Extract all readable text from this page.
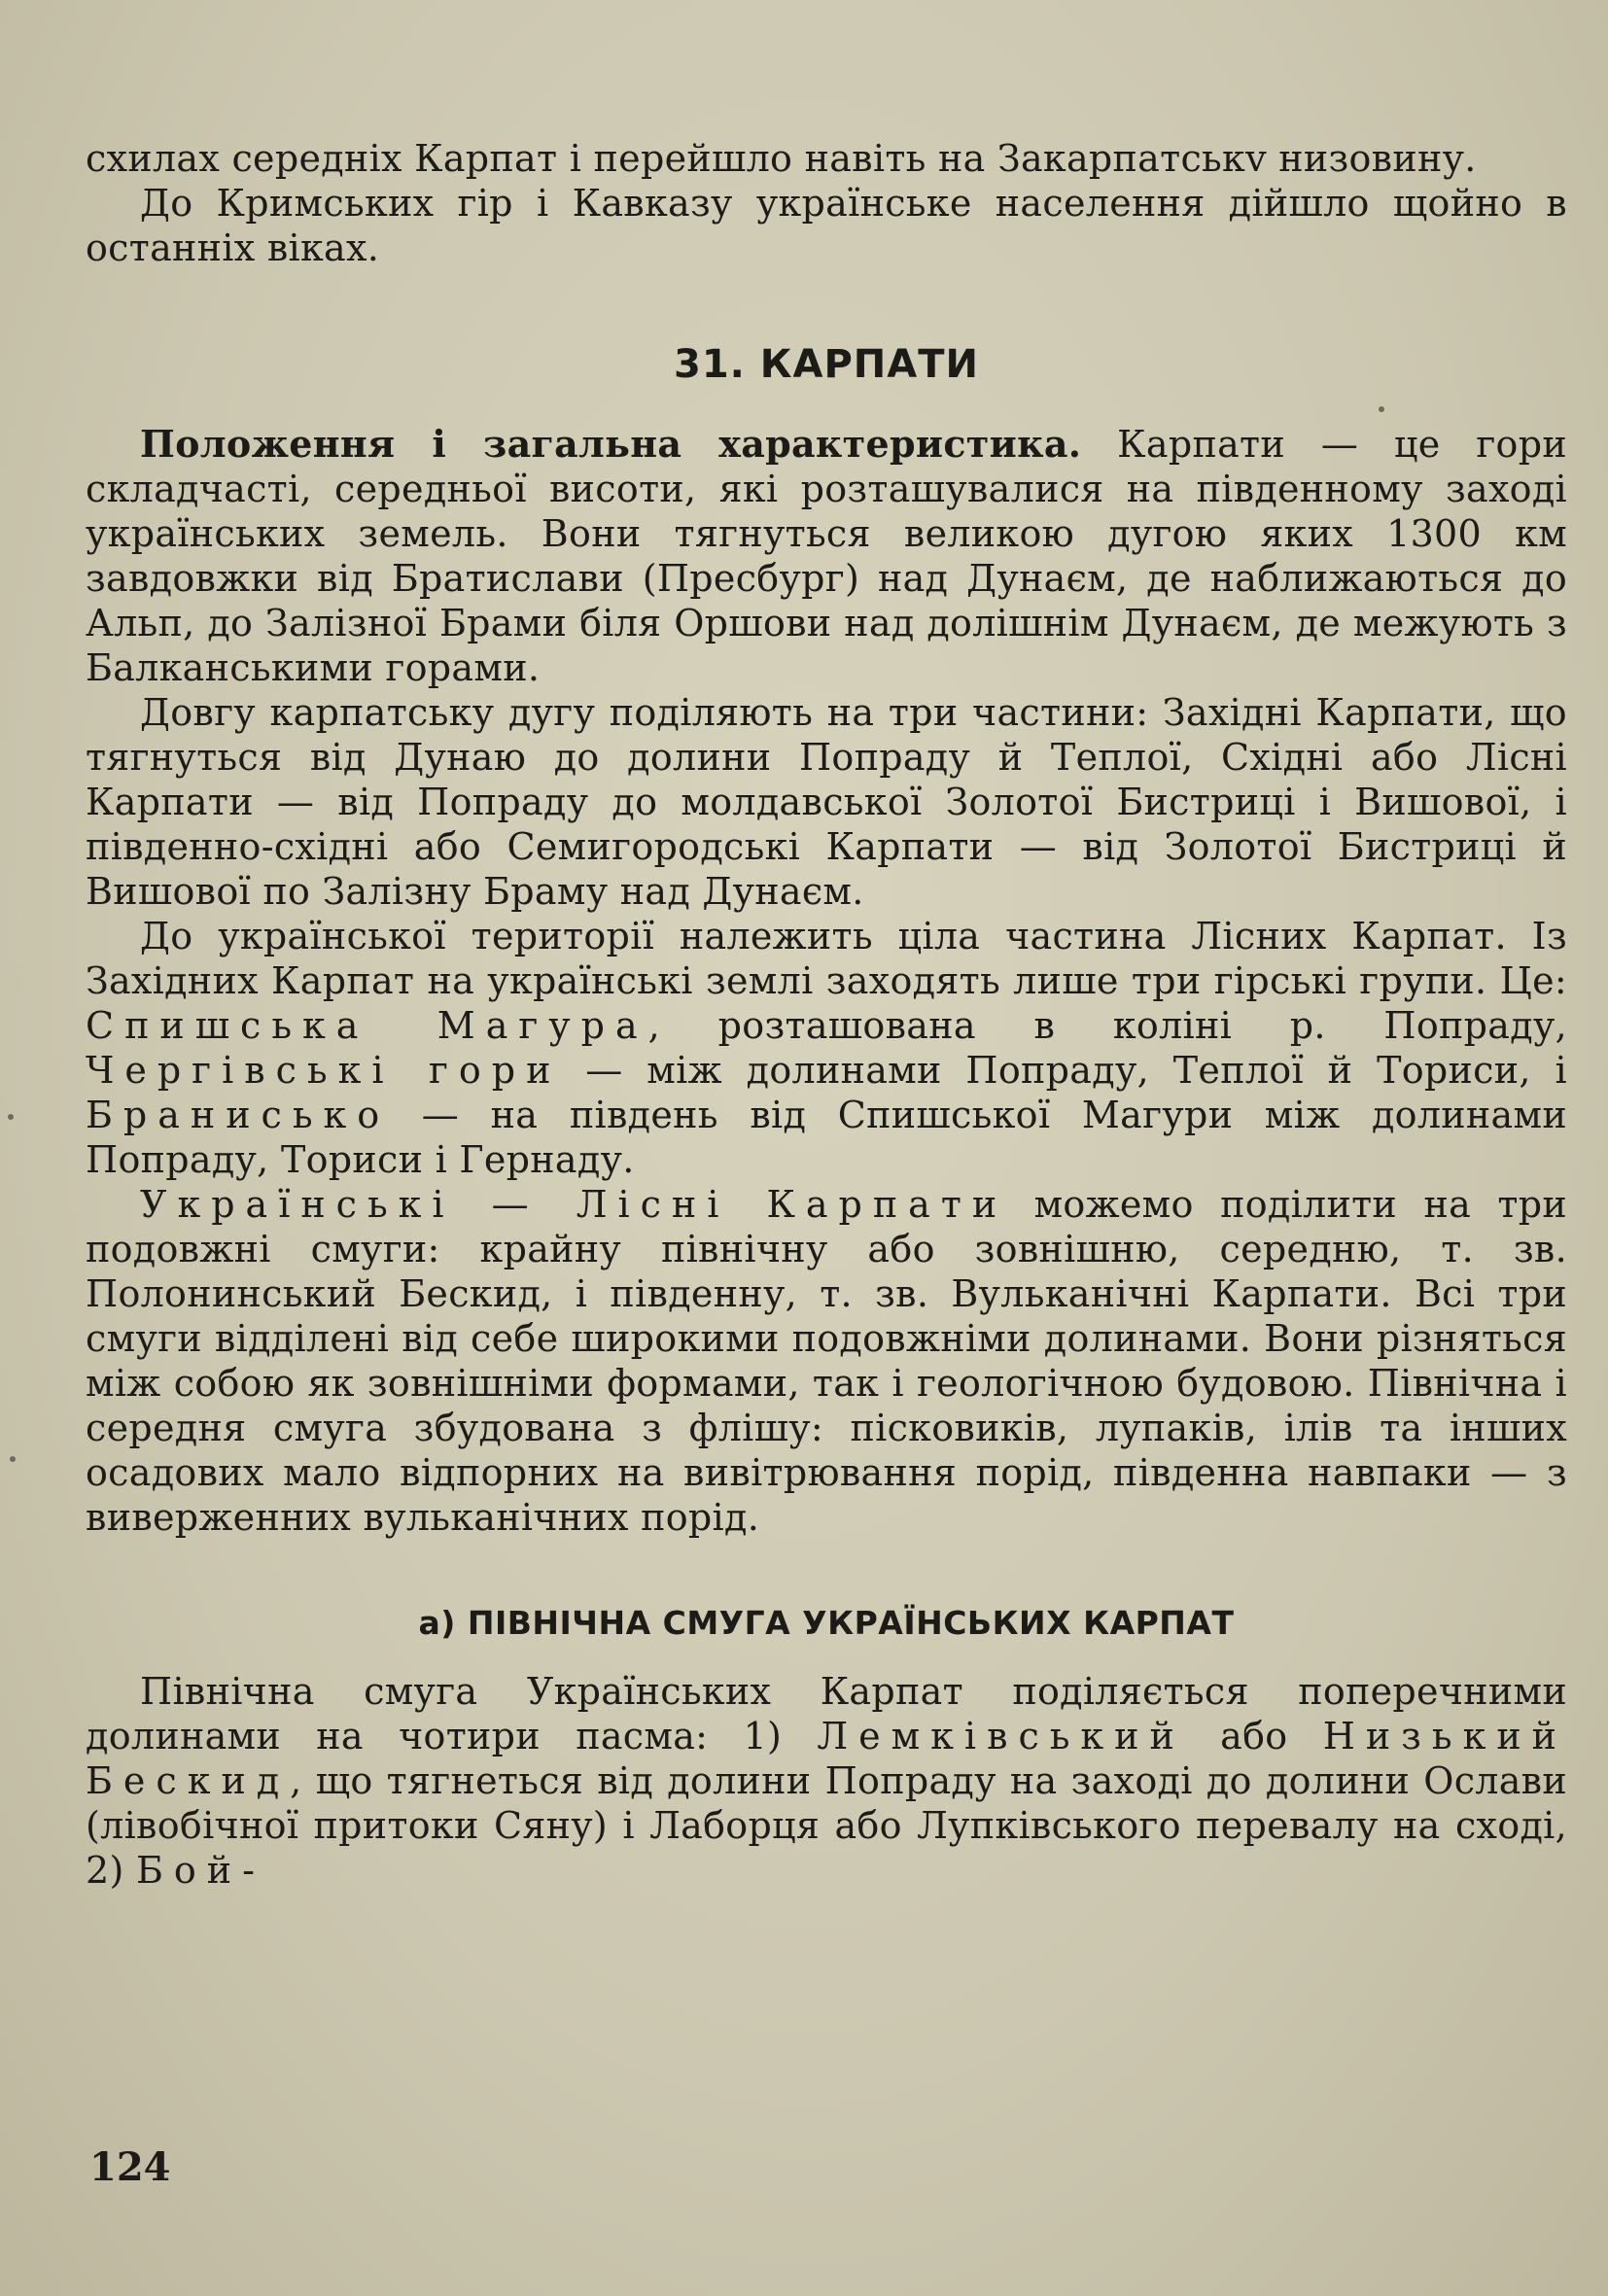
схилах середніх Карпат і перейшло навіть на Закарпатськv низовину.

До Кримських гір і Кавказу українське населення дійшло щойно в останніх віках.

31. КАРПАТИ

Положення і загальна характеристика. Карпати — це гори складчасті, середньої висоти, які розташувалися на південному заході українських земель. Вони тягнуться великою дугою яких 1300 км завдовжки від Братислави (Пресбург) над Дунаєм, де наближаються до Альп, до Залізної Брами біля Оршови над долішнім Дунаєм, де межують з Балканськими горами.

Довгу карпатську дугу поділяють на три частини: Західні Карпати, що тягнуться від Дунаю до долини Попраду й Теплої, Східні або Лісні Карпати — від Попраду до молдавської Золотої Бистриці і Вишової, і південно-східні або Семигородські Карпати — від Золотої Бистриці й Вишової по Залізну Браму над Дунаєм.

До української території належить ціла частина Лісних Карпат. Із Західних Карпат на українські землі заходять лише три гірські групи. Це: Спишська Магура, розташована в коліні р. Попраду, Чергівські гори — між долинами Попраду, Теплої й Ториси, і Бранисько — на південь від Спишської Магури між долинами Попраду, Ториси і Гернаду.

Українські — Лісні Карпати можемо поділити на три подовжні смуги: крайну північну або зовнішню, середню, т. зв. Полонинський Бескид, і південну, т. зв. Вульканічні Карпати. Всі три смуги відділені від себе широкими подовжніми долинами. Вони різняться між собою як зовнішніми формами, так і геологічною будовою. Північна і середня смуга збудована з флішу: пісковиків, лупаків, ілів та інших осадових мало відпорних на вивітрювання порід, південна навпаки — з виверженних вульканічних порід.

а) ПІВНІЧНА СМУГА УКРАЇНСЬКИХ КАРПАТ

Північна смуга Українських Карпат поділяється поперечними долинами на чотири пасма: 1) Лемківський або Низький Бескид, що тягнеться від долини Попраду на заході до долини Ослави (лівобічної притоки Сяну) і Лаборця або Лупківського перевалу на сході, 2) Бой-

124
